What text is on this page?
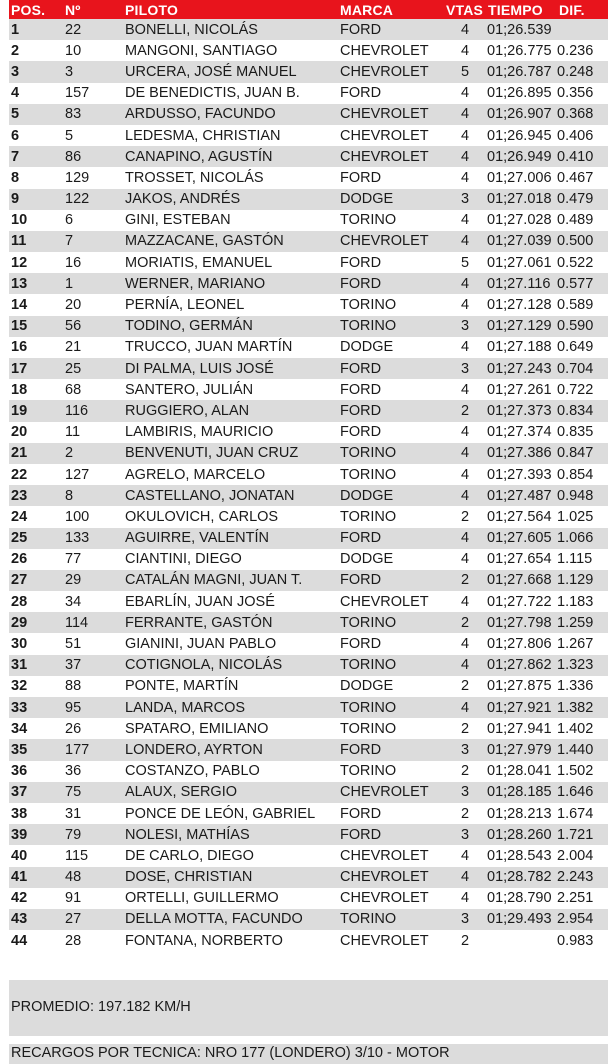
POS.	Nº	PILOTO	MARCA	VTAS	TIEMPO	DIF.
1	22	BONELLI, NICOLÁS	FORD	4	01;26.539	
2	10	MANGONI, SANTIAGO	CHEVROLET	4	01;26.775	0.236
3	3	URCERA, JOSÉ MANUEL	CHEVROLET	5	01;26.787	0.248
4	157	DE BENEDICTIS, JUAN B.	FORD	4	01;26.895	0.356
5	83	ARDUSSO, FACUNDO	CHEVROLET	4	01;26.907	0.368
6	5	LEDESMA, CHRISTIAN	CHEVROLET	4	01;26.945	0.406
7	86	CANAPINO, AGUSTÍN	CHEVROLET	4	01;26.949	0.410
8	129	TROSSET, NICOLÁS	FORD	4	01;27.006	0.467
9	122	JAKOS, ANDRÉS	DODGE	3	01;27.018	0.479
10	6	GINI, ESTEBAN	TORINO	4	01;27.028	0.489
11	7	MAZZACANE, GASTÓN	CHEVROLET	4	01;27.039	0.500
12	16	MORIATIS, EMANUEL	FORD	5	01;27.061	0.522
13	1	WERNER, MARIANO	FORD	4	01;27.116	0.577
14	20	PERNÍA, LEONEL	TORINO	4	01;27.128	0.589
15	56	TODINO, GERMÁN	TORINO	3	01;27.129	0.590
16	21	TRUCCO, JUAN MARTÍN	DODGE	4	01;27.188	0.649
17	25	DI PALMA, LUIS JOSÉ	FORD	3	01;27.243	0.704
18	68	SANTERO, JULIÁN	FORD	4	01;27.261	0.722
19	116	RUGGIERO, ALAN	FORD	2	01;27.373	0.834
20	11	LAMBIRIS, MAURICIO	FORD	4	01;27.374	0.835
21	2	BENVENUTI, JUAN CRUZ	TORINO	4	01;27.386	0.847
22	127	AGRELO, MARCELO	TORINO	4	01;27.393	0.854
23	8	CASTELLANO, JONATAN	DODGE	4	01;27.487	0.948
24	100	OKULOVICH, CARLOS	TORINO	2	01;27.564	1.025
25	133	AGUIRRE, VALENTÍN	FORD	4	01;27.605	1.066
26	77	CIANTINI, DIEGO	DODGE	4	01;27.654	1.115
27	29	CATALÁN MAGNI, JUAN T.	FORD	2	01;27.668	1.129
28	34	EBARLÍN, JUAN JOSÉ	CHEVROLET	4	01;27.722	1.183
29	114	FERRANTE, GASTÓN	TORINO	2	01;27.798	1.259
30	51	GIANINI, JUAN PABLO	FORD	4	01;27.806	1.267
31	37	COTIGNOLA, NICOLÁS	TORINO	4	01;27.862	1.323
32	88	PONTE, MARTÍN	DODGE	2	01;27.875	1.336
33	95	LANDA, MARCOS	TORINO	4	01;27.921	1.382
34	26	SPATARO, EMILIANO	TORINO	2	01;27.941	1.402
35	177	LONDERO, AYRTON	FORD	3	01;27.979	1.440
36	36	COSTANZO, PABLO	TORINO	2	01;28.041	1.502
37	75	ALAUX, SERGIO	CHEVROLET	3	01;28.185	1.646
38	31	PONCE DE LEÓN, GABRIEL	FORD	2	01;28.213	1.674
39	79	NOLESI, MATHÍAS	FORD	3	01;28.260	1.721
40	115	DE CARLO, DIEGO	CHEVROLET	4	01;28.543	2.004
41	48	DOSE, CHRISTIAN	CHEVROLET	4	01;28.782	2.243
42	91	ORTELLI, GUILLERMO	CHEVROLET	4	01;28.790	2.251
43	27	DELLA MOTTA, FACUNDO	TORINO	3	01;29.493	2.954
44	28	FONTANA, NORBERTO	CHEVROLET	2		0.983
PROMEDIO: 197.182 KM/H
RECARGOS POR TECNICA: NRO 177 (LONDERO) 3/10 - MOTOR
